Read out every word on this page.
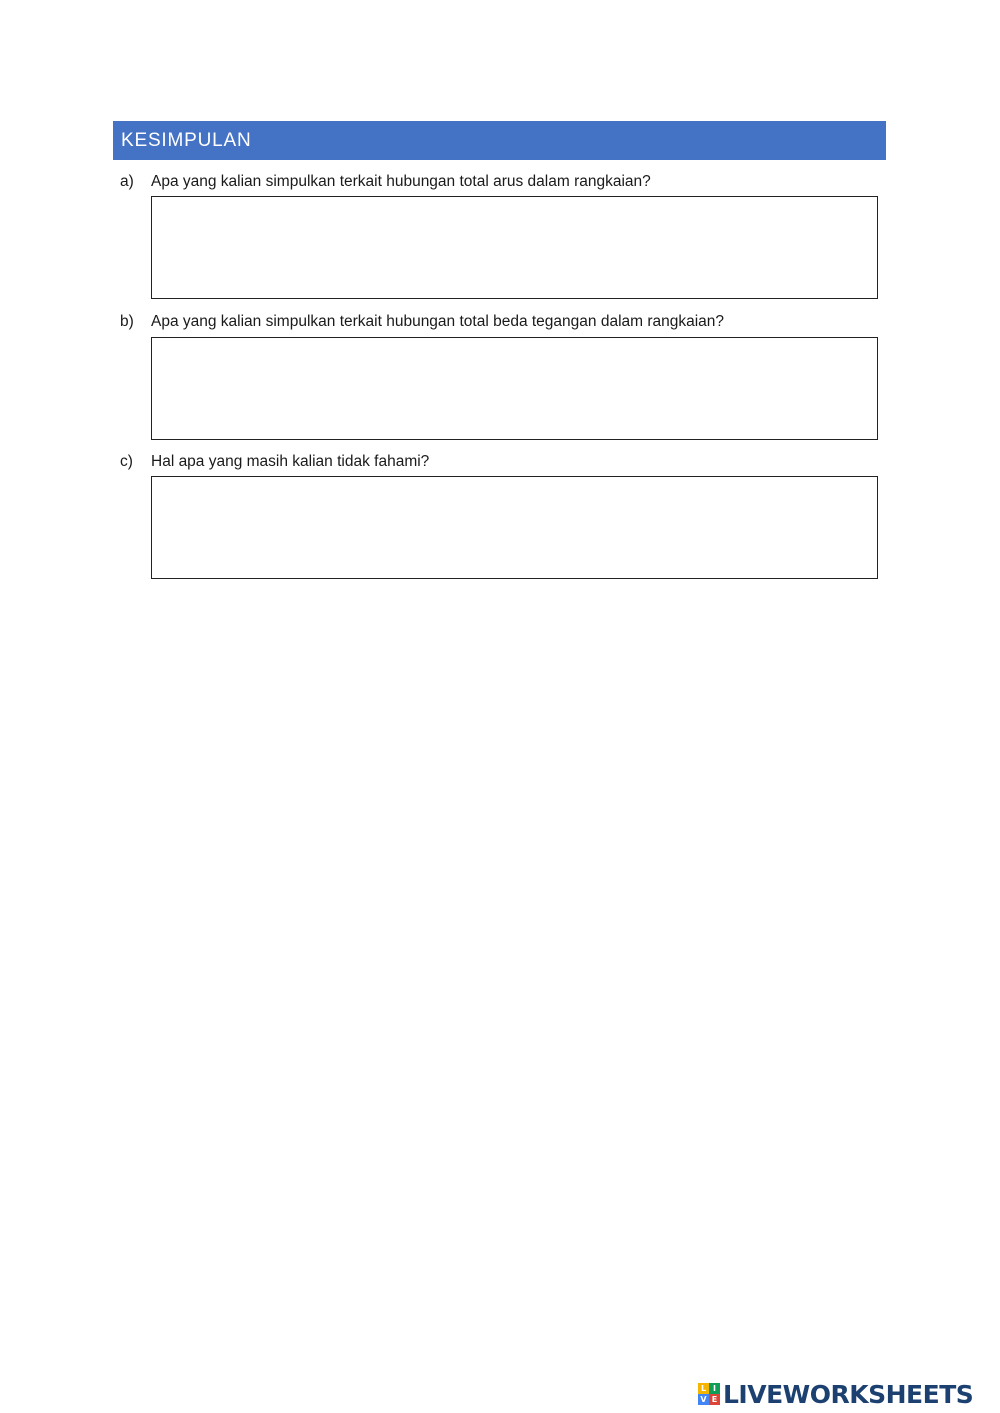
KESIMPULAN
a)	Apa yang kalian simpulkan terkait hubungan total arus dalam rangkaian?
b)	Apa yang kalian simpulkan terkait hubungan total beda tegangan dalam rangkaian?
c)	Hal apa yang masih kalian tidak fahami?
L I
V E LIVEWORKSHEETS
